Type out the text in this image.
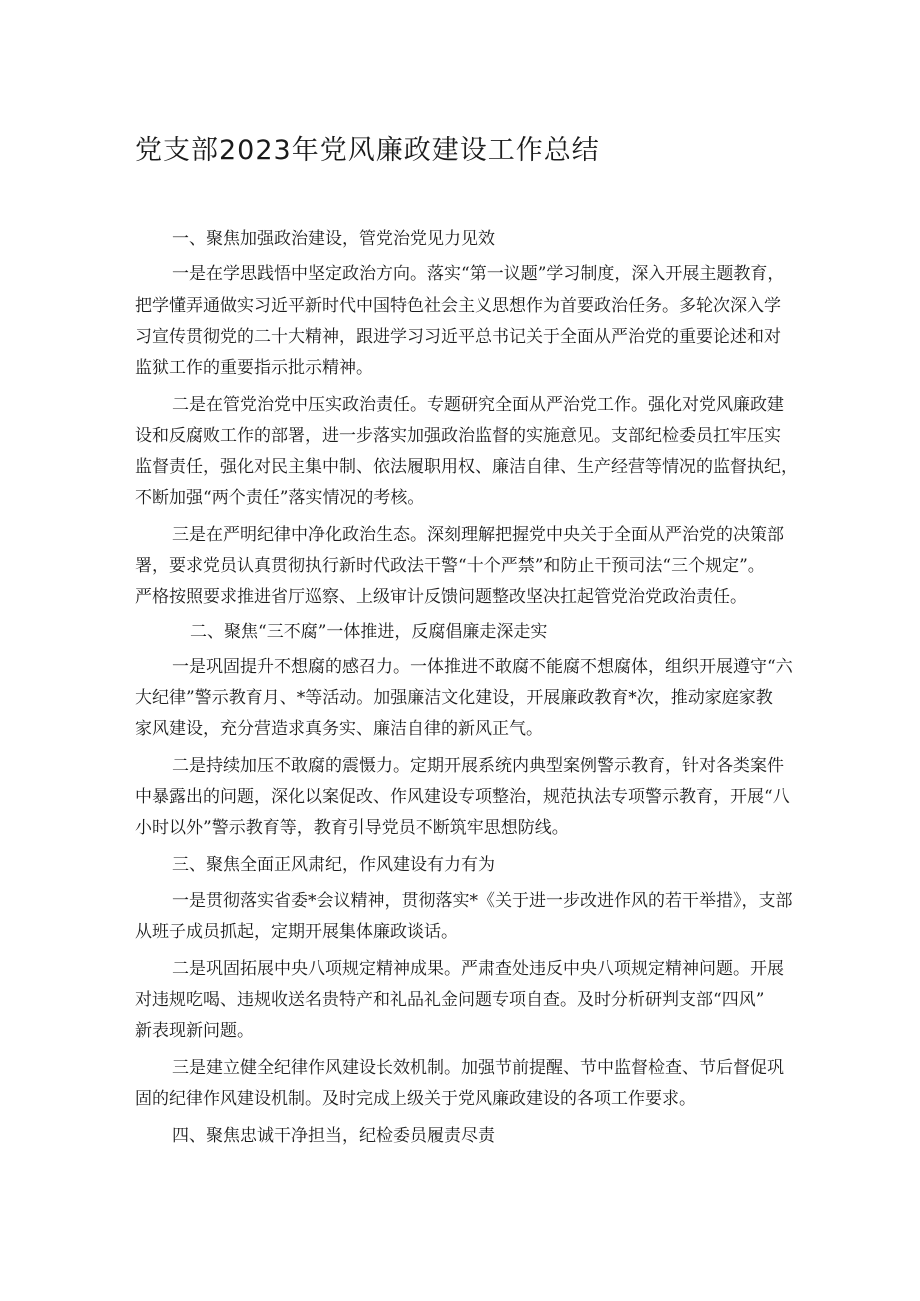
党支部2023年党风廉政建设工作总结
一、聚焦加强政治建设，管党治党见力见效
一是在学思践悟中坚定政治方向。落实“第一议题”学习制度，深入开展主题教育，
把学懂弄通做实习近平新时代中国特色社会主义思想作为首要政治任务。多轮次深入学
习宣传贯彻党的二十大精神，跟进学习习近平总书记关于全面从严治党的重要论述和对
监狱工作的重要指示批示精神。
二是在管党治党中压实政治责任。专题研究全面从严治党工作。强化对党风廉政建
设和反腐败工作的部署，进一步落实加强政治监督的实施意见。支部纪检委员扛牢压实
监督责任，强化对民主集中制、依法履职用权、廉洁自律、生产经营等情况的监督执纪，
不断加强“两个责任”落实情况的考核。
三是在严明纪律中净化政治生态。深刻理解把握党中央关于全面从严治党的决策部
署，要求党员认真贯彻执行新时代政法干警“十个严禁”和防止干预司法“三个规定”。
严格按照要求推进省厅巡察、上级审计反馈问题整改坚决扛起管党治党政治责任。
二、聚焦“三不腐”一体推进，反腐倡廉走深走实
一是巩固提升不想腐的感召力。一体推进不敢腐不能腐不想腐体，组织开展遵守“六
大纪律”警示教育月、*等活动。加强廉洁文化建设，开展廉政教育*次，推动家庭家教
家风建设，充分营造求真务实、廉洁自律的新风正气。
二是持续加压不敢腐的震慑力。定期开展系统内典型案例警示教育，针对各类案件
中暴露出的问题，深化以案促改、作风建设专项整治，规范执法专项警示教育，开展“八
小时以外”警示教育等，教育引导党员不断筑牢思想防线。
三、聚焦全面正风肃纪，作风建设有力有为
一是贯彻落实省委*会议精神，贯彻落实*《关于进一步改进作风的若干举措》，支部
从班子成员抓起，定期开展集体廉政谈话。
二是巩固拓展中央八项规定精神成果。严肃查处违反中央八项规定精神问题。开展
对违规吃喝、违规收送名贵特产和礼品礼金问题专项自查。及时分析研判支部“四风”
新表现新问题。
三是建立健全纪律作风建设长效机制。加强节前提醒、节中监督检查、节后督促巩
固的纪律作风建设机制。及时完成上级关于党风廉政建设的各项工作要求。
四、聚焦忠诚干净担当，纪检委员履责尽责
